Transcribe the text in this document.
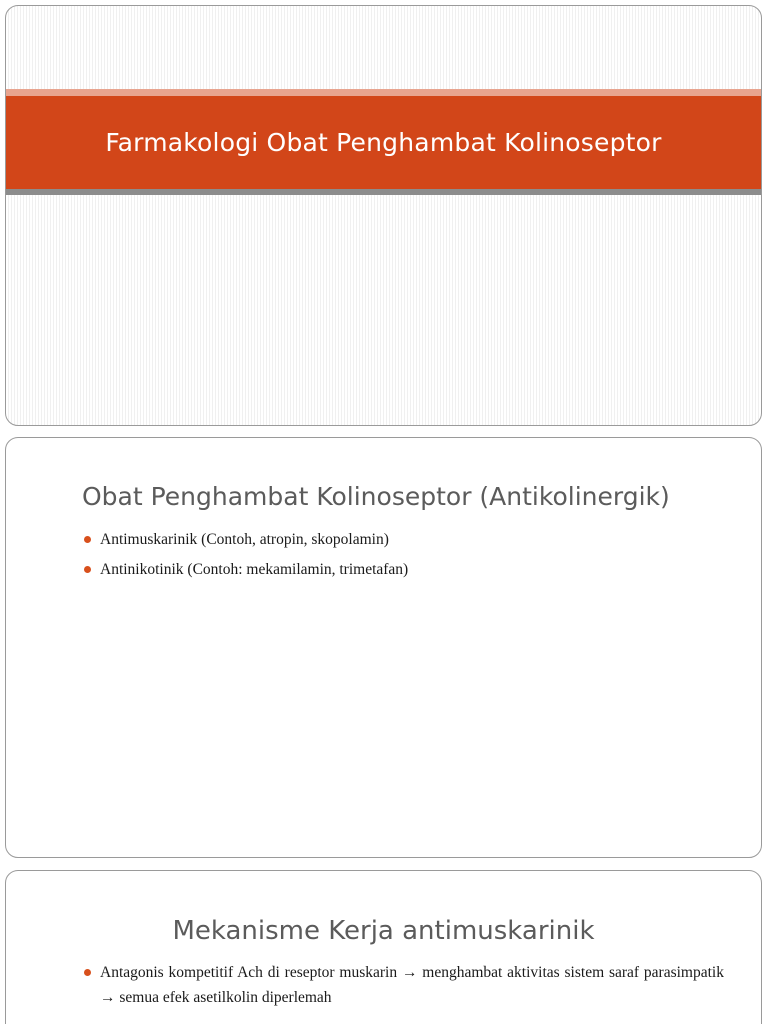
Farmakologi Obat Penghambat Kolinoseptor
Obat Penghambat Kolinoseptor (Antikolinergik)
Antimuskarinik (Contoh, atropin, skopolamin)
Antinikotinik (Contoh: mekamilamin, trimetafan)
Mekanisme Kerja antimuskarinik
Antagonis kompetitif Ach di reseptor muskarin → menghambat aktivitas sistem saraf parasimpatik → semua efek asetilkolin diperlemah
